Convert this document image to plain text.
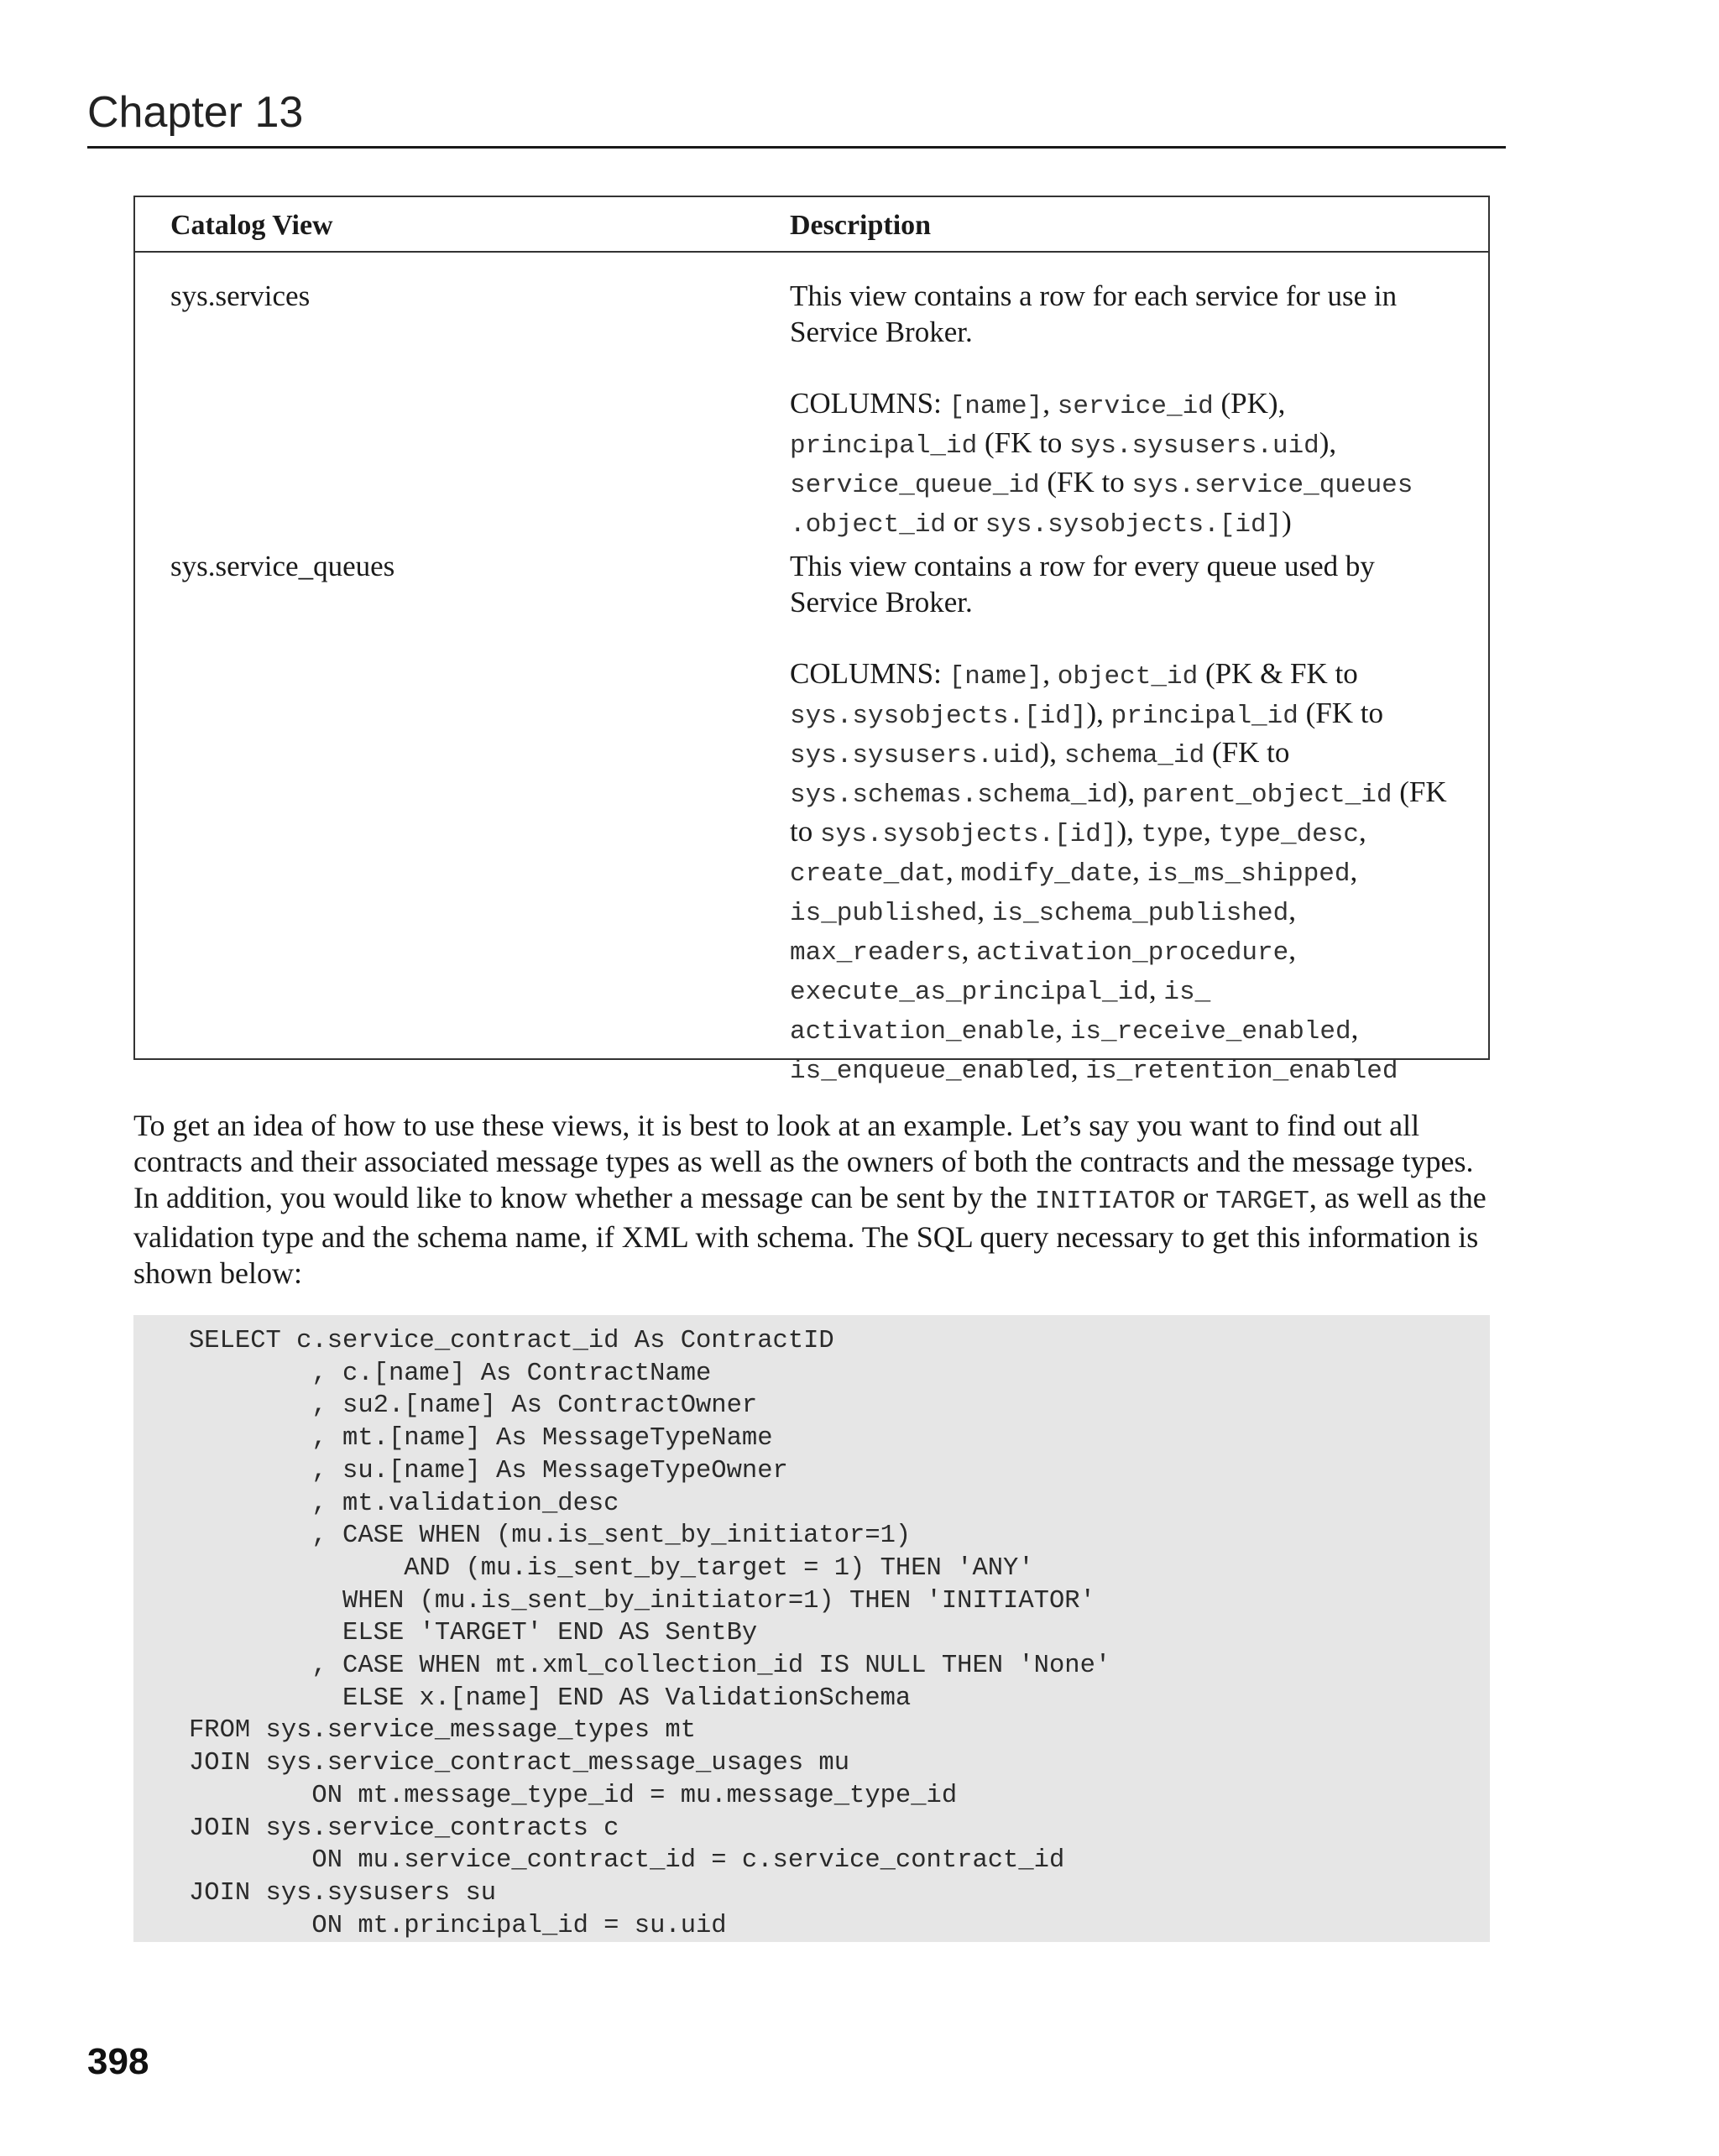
Chapter 13
Catalog View	Description
sys.services	This view contains a row for each service for use in Service Broker.

COLUMNS: [name], service_id (PK), principal_id (FK to sys.sysusers.uid), service_queue_id (FK to sys.service_queues .object_id or sys.sysobjects.[id])

sys.service_queues	This view contains a row for every queue used by Service Broker.

COLUMNS: [name], object_id (PK & FK to sys.sysobjects.[id]), principal_id (FK to sys.sysusers.uid), schema_id (FK to sys.schemas.schema_id), parent_object_id (FK to sys.sysobjects.[id]), type, type_desc, create_dat, modify_date, is_ms_shipped, is_published, is_schema_published, max_readers, activation_procedure, execute_as_principal_id, is_ activation_enable, is_receive_enabled, is_enqueue_enabled, is_retention_enabled

To get an idea of how to use these views, it is best to look at an example. Let’s say you want to find out all contracts and their associated message types as well as the owners of both the contracts and the message types. In addition, you would like to know whether a message can be sent by the INITIATOR or TARGET, as well as the validation type and the schema name, if XML with schema. The SQL query necessary to get this information is shown below:

SELECT c.service_contract_id As ContractID
, c.[name] As ContractName
, su2.[name] As ContractOwner
, mt.[name] As MessageTypeName
, su.[name] As MessageTypeOwner
, mt.validation_desc
, CASE WHEN (mu.is_sent_by_initiator=1)
AND (mu.is_sent_by_target = 1) THEN 'ANY'
WHEN (mu.is_sent_by_initiator=1) THEN 'INITIATOR'
ELSE 'TARGET' END AS SentBy
, CASE WHEN mt.xml_collection_id IS NULL THEN 'None'
ELSE x.[name] END AS ValidationSchema
FROM sys.service_message_types mt
JOIN sys.service_contract_message_usages mu
ON mt.message_type_id = mu.message_type_id
JOIN sys.service_contracts c
ON mu.service_contract_id = c.service_contract_id
JOIN sys.sysusers su
ON mt.principal_id = su.uid
398
